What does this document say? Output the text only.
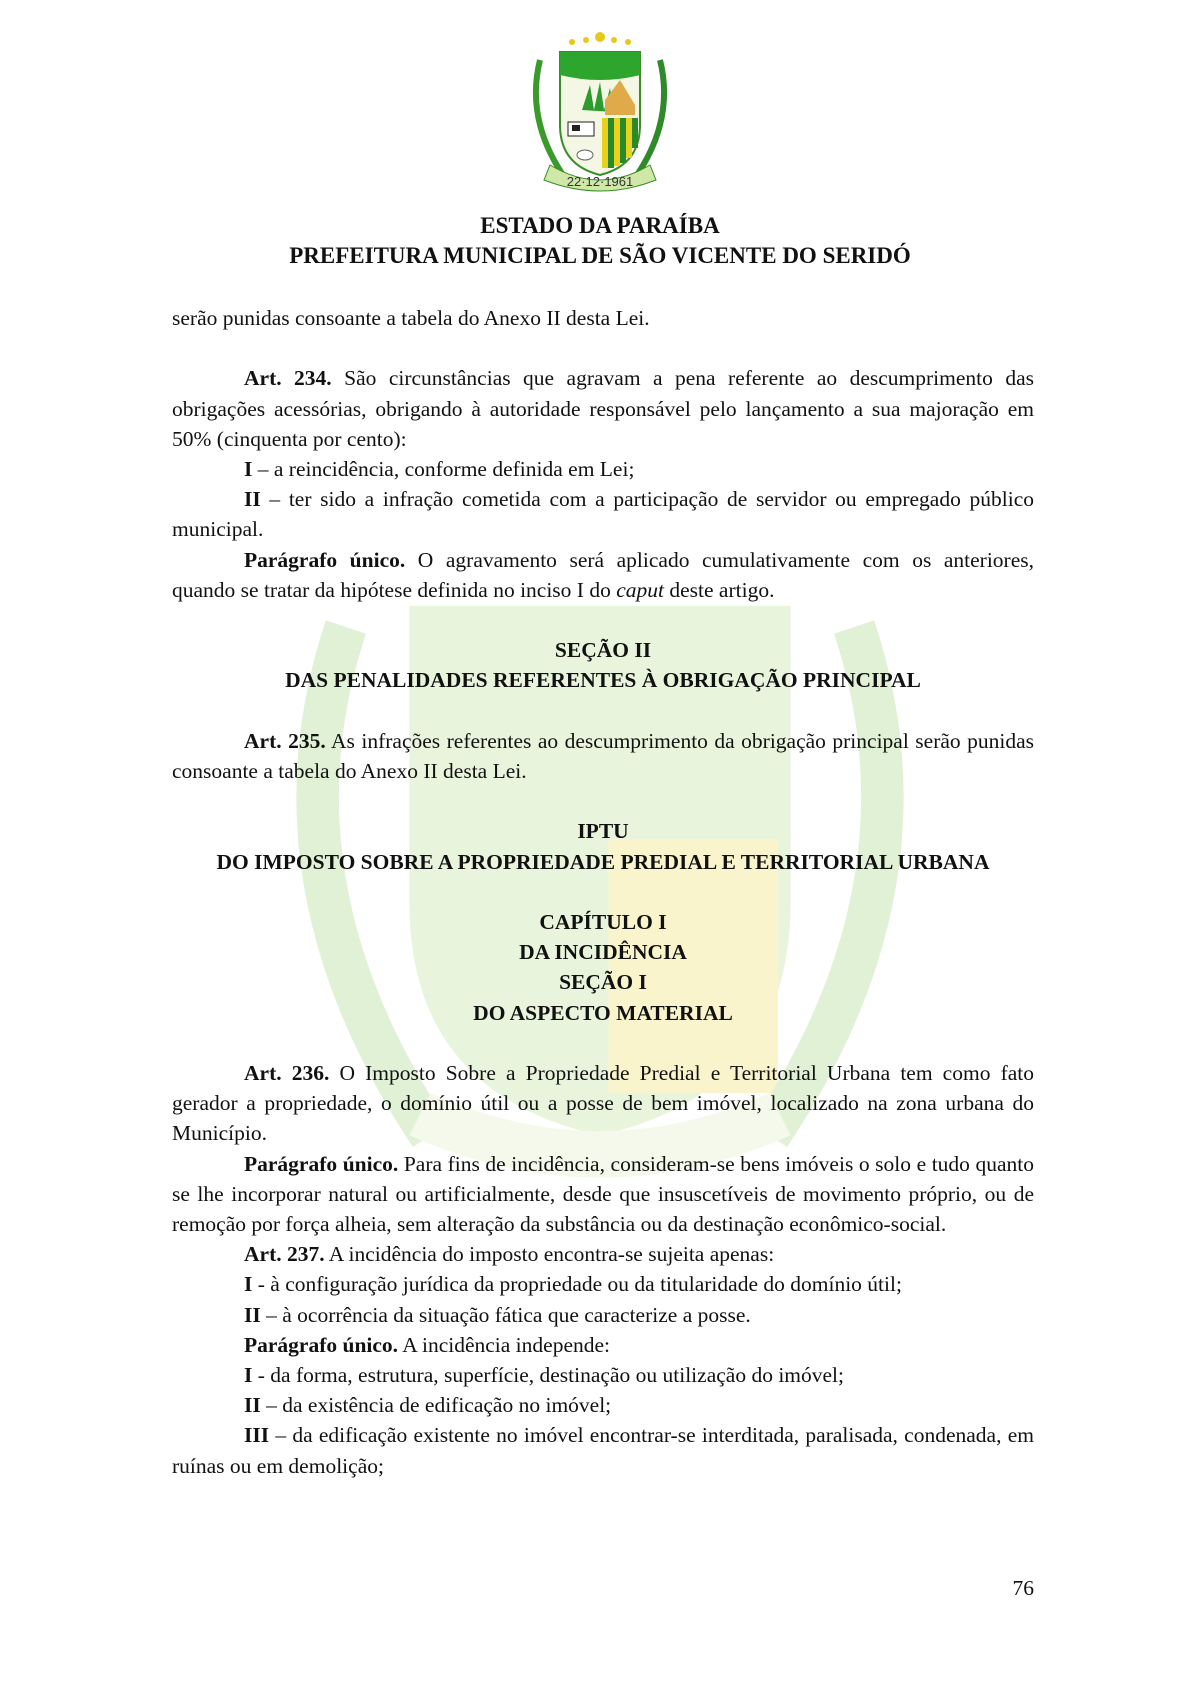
22·12·1961
ESTADO DA PARAÍBA
PREFEITURA MUNICIPAL DE SÃO VICENTE DO SERIDÓ

serão punidas consoante a tabela do Anexo II desta Lei.

Art. 234. São circunstâncias que agravam a pena referente ao descumprimento das obrigações acessórias, obrigando à autoridade responsável pelo lançamento a sua majoração em 50% (cinquenta por cento):

I – a reincidência, conforme definida em Lei;

II – ter sido a infração cometida com a participação de servidor ou empregado público municipal.

Parágrafo único. O agravamento será aplicado cumulativamente com os anteriores, quando se tratar da hipótese definida no inciso I do caput deste artigo.

SEÇÃO II

DAS PENALIDADES REFERENTES À OBRIGAÇÃO PRINCIPAL

Art. 235. As infrações referentes ao descumprimento da obrigação principal serão punidas consoante a tabela do Anexo II desta Lei.

IPTU

DO IMPOSTO SOBRE A PROPRIEDADE PREDIAL E TERRITORIAL URBANA

CAPÍTULO I

DA INCIDÊNCIA

SEÇÃO I

DO ASPECTO MATERIAL

Art. 236. O Imposto Sobre a Propriedade Predial e Territorial Urbana tem como fato gerador a propriedade, o domínio útil ou a posse de bem imóvel, localizado na zona urbana do Município.

Parágrafo único. Para fins de incidência, consideram-se bens imóveis o solo e tudo quanto se lhe incorporar natural ou artificialmente, desde que insuscetíveis de movimento próprio, ou de remoção por força alheia, sem alteração da substância ou da destinação econômico-social.

Art. 237. A incidência do imposto encontra-se sujeita apenas:

I - à configuração jurídica da propriedade ou da titularidade do domínio útil;

II – à ocorrência da situação fática que caracterize a posse.

Parágrafo único. A incidência independe:

I - da forma, estrutura, superfície, destinação ou utilização do imóvel;

II – da existência de edificação no imóvel;

III – da edificação existente no imóvel encontrar-se interditada, paralisada, condenada, em ruínas ou em demolição;

76
